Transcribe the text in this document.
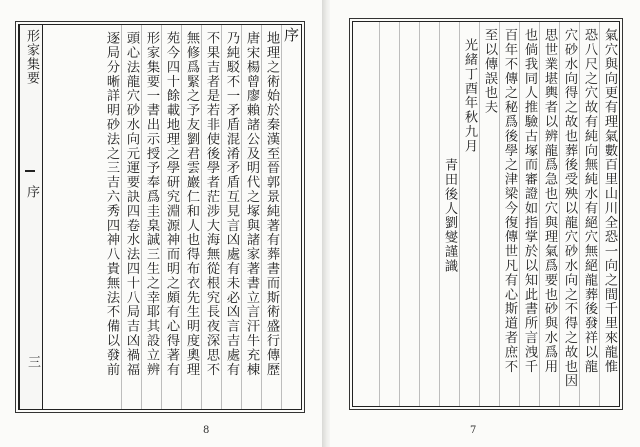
形家集要
序
三
序
地理之術始於秦漢至晉郭景純著有葬書而斯術盛行傳歷
唐宋楊曾廖賴諸公及明代之塚與諸家著書立言汗牛充棟
乃純駁不一矛盾混淆矛盾互見言凶處有未必凶言吉處有
不果吉者是若非使後學者茫涉大海無從根究長夜深思不
無修爲緊之予友劉君雲巖仁和人也得布衣先生明度奧理
苑今四十餘載地理之學研究淵源神而明之頗有心得著有
形家集要一書出示授予奉爲圭臬誠三生之幸耶其設立辨
頭心法龍穴砂水向元運要訣四卷水法四十八局吉凶禍福
逐局分晰詳明砂法之三吉六秀四神八貴無法不備以發前
8
氣穴與向更有理氣數百里山川全恐一向之間千里來龍惟
恐八尺之穴故有純向無純水有絕穴無絕龍葬後發祥以龍
穴砂水向得之故也葬後受殃以龍穴砂水向之不得之故也因
思世業堪輿者以辨龍爲急也穴與理氣爲要也砂與水爲用
也倘我同人推驗古塚而審證如指掌於以知此書所言洩千
百年不傳之秘爲後學之津梁今復傳世凡有心斯道者庶不
至以傳誤也夫
光緒丁酉年秋九月
青田後人劉燮謹識
7
